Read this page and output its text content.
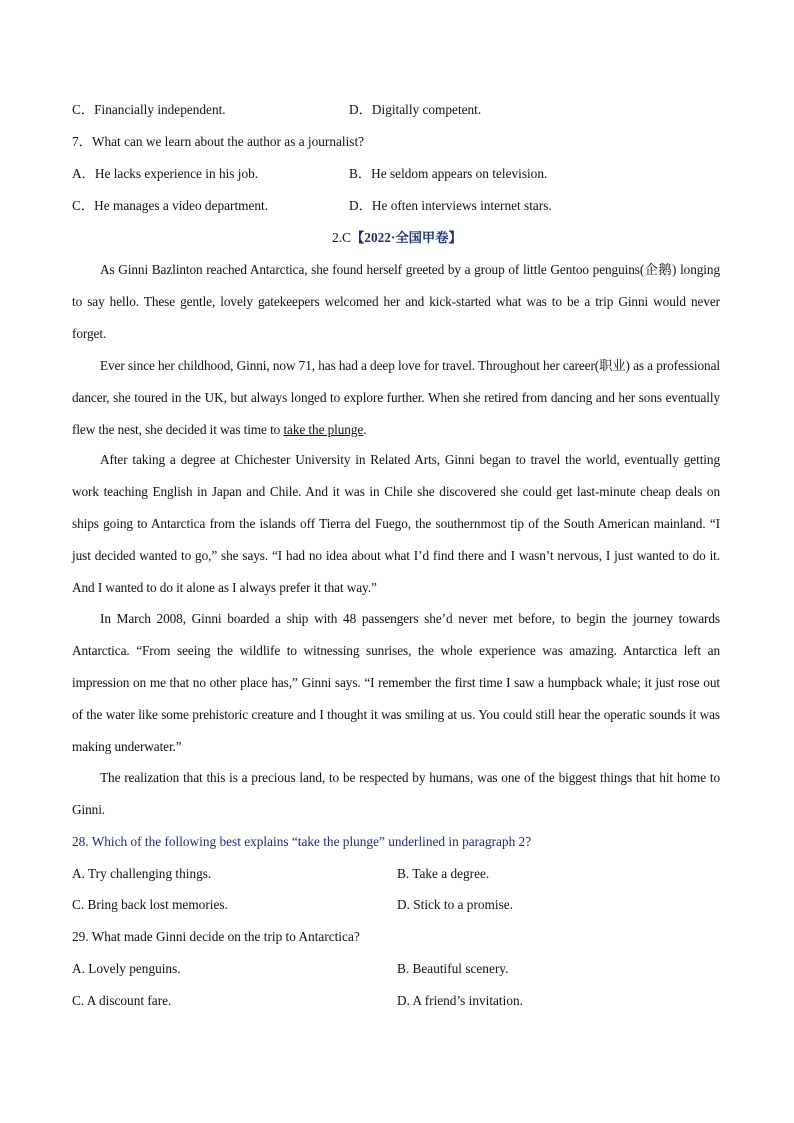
C．Financially independent.	D．Digitally competent.
7．What can we learn about the author as a journalist?
A．He lacks experience in his job.	B．He seldom appears on television.
C．He manages a video department.	D．He often interviews internet stars.
2.C【2022·全国甲卷】

As Ginni Bazlinton reached Antarctica, she found herself greeted by a group of little Gentoo penguins(企鹅) longing to say hello. These gentle, lovely gatekeepers welcomed her and kick-started what was to be a trip Ginni would never forget.

Ever since her childhood, Ginni, now 71, has had a deep love for travel. Throughout her career(职业) as a professional dancer, she toured in the UK, but always longed to explore further. When she retired from dancing and her sons eventually flew the nest, she decided it was time to take the plunge.

After taking a degree at Chichester University in Related Arts, Ginni began to travel the world, eventually getting work teaching English in Japan and Chile. And it was in Chile she discovered she could get last-minute cheap deals on ships going to Antarctica from the islands off Tierra del Fuego, the southernmost tip of the South American mainland. “I just decided wanted to go,” she says. “I had no idea about what I’d find there and I wasn’t nervous, I just wanted to do it. And I wanted to do it alone as I always prefer it that way.”

In March 2008, Ginni boarded a ship with 48 passengers she’d never met before, to begin the journey towards Antarctica. “From seeing the wildlife to witnessing sunrises, the whole experience was amazing. Antarctica left an impression on me that no other place has,” Ginni says. “I remember the first time I saw a humpback whale; it just rose out of the water like some prehistoric creature and I thought it was smiling at us. You could still hear the operatic sounds it was making underwater.”

The realization that this is a precious land, to be respected by humans, was one of the biggest things that hit home to Ginni.

28. Which of the following best explains “take the plunge” underlined in paragraph 2?
A. Try challenging things.	B. Take a degree.
C. Bring back lost memories.	D. Stick to a promise.
29. What made Ginni decide on the trip to Antarctica?
A. Lovely penguins.	B. Beautiful scenery.
C. A discount fare.	D. A friend’s invitation.
